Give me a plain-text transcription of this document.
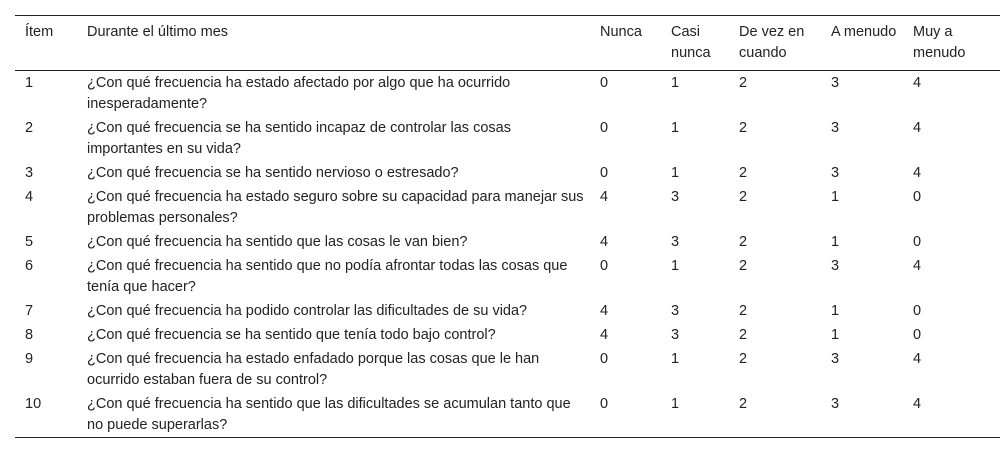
Ítem	Durante el último mes	Nunca	Casi nunca	De vez en cuando	A menudo	Muy a menudo
1	¿Con qué frecuencia ha estado afectado por algo que ha ocurrido inesperadamente?	0	1	2	3	4
2	¿Con qué frecuencia se ha sentido incapaz de controlar las cosas importantes en su vida?	0	1	2	3	4
3	¿Con qué frecuencia se ha sentido nervioso o estresado?	0	1	2	3	4
4	¿Con qué frecuencia ha estado seguro sobre su capacidad para manejar sus problemas personales?	4	3	2	1	0
5	¿Con qué frecuencia ha sentido que las cosas le van bien?	4	3	2	1	0
6	¿Con qué frecuencia ha sentido que no podía afrontar todas las cosas que tenía que hacer?	0	1	2	3	4
7	¿Con qué frecuencia ha podido controlar las dificultades de su vida?	4	3	2	1	0
8	¿Con qué frecuencia se ha sentido que tenía todo bajo control?	4	3	2	1	0
9	¿Con qué frecuencia ha estado enfadado porque las cosas que le han ocurrido estaban fuera de su control?	0	1	2	3	4
10	¿Con qué frecuencia ha sentido que las dificultades se acumulan tanto que no puede superarlas?	0	1	2	3	4
